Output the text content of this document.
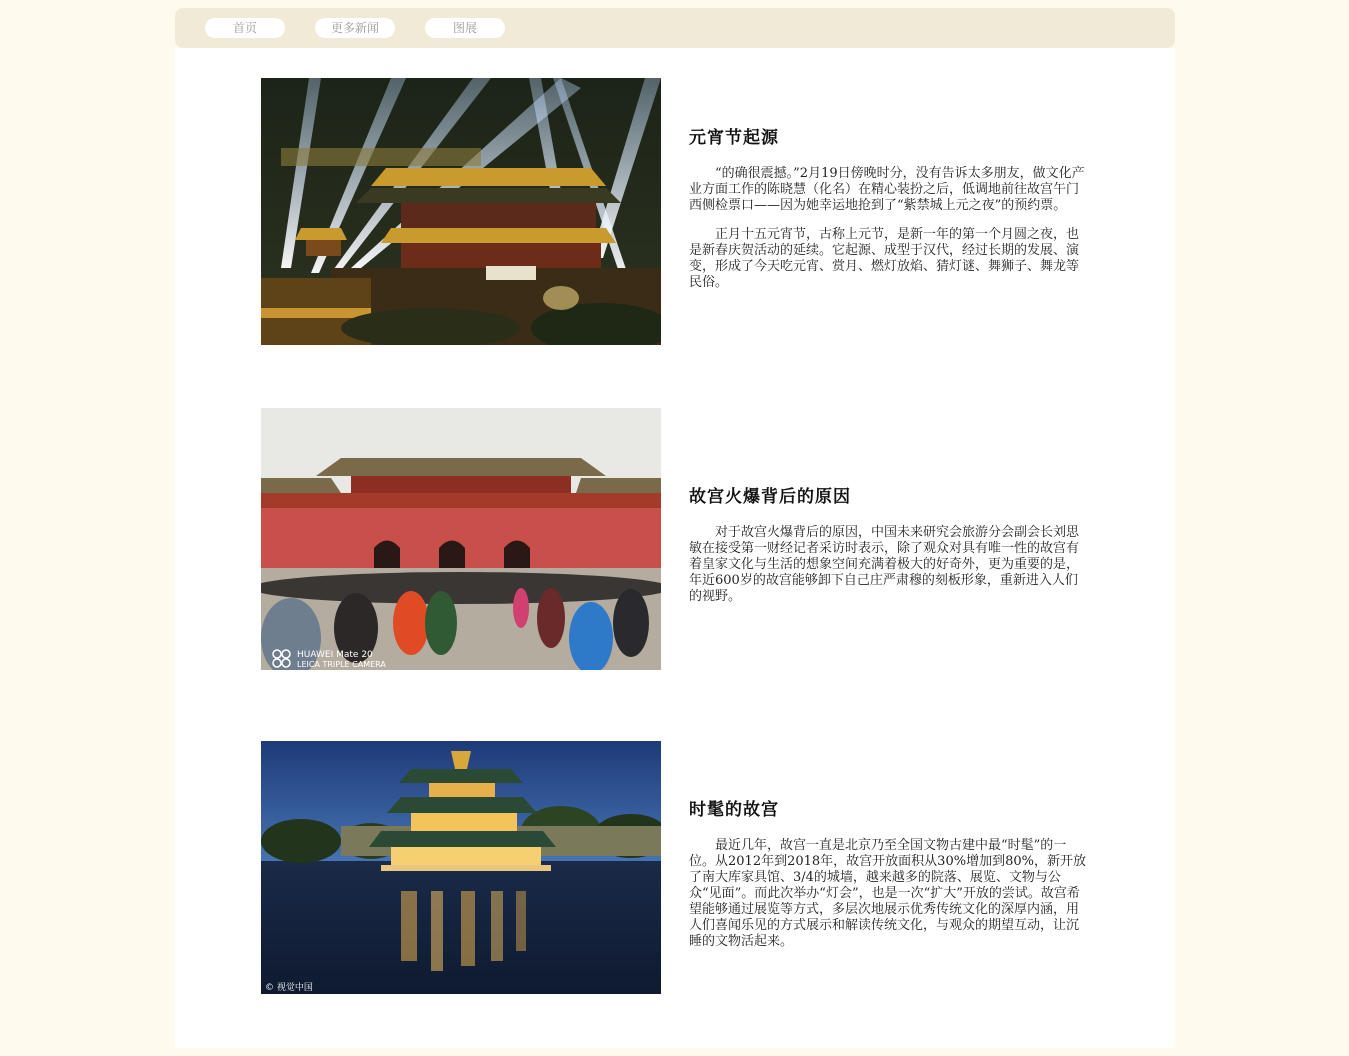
首页	更多新闻	图展
元宵节起源

“的确很震撼。”2月19日傍晚时分，没有告诉太多朋友，做文化产业方面工作的陈晓慧（化名）在精心装扮之后，低调地前往故宫午门西侧检票口——因为她幸运地抢到了“紫禁城上元之夜”的预约票。

正月十五元宵节，古称上元节，是新一年的第一个月圆之夜，也是新春庆贺活动的延续。它起源、成型于汉代，经过长期的发展、演变，形成了今天吃元宵、赏月、燃灯放焰、猜灯谜、舞狮子、舞龙等民俗。

HUAWEI Mate 20
LEICA TRIPLE CAMERA
故宫火爆背后的原因

对于故宫火爆背后的原因，中国未来研究会旅游分会副会长刘思敏在接受第一财经记者采访时表示，除了观众对具有唯一性的故宫有着皇家文化与生活的想象空间充满着极大的好奇外，更为重要的是，年近600岁的故宫能够卸下自己庄严肃穆的刻板形象，重新进入人们的视野。

© 视觉中国
时髦的故宫

最近几年，故宫一直是北京乃至全国文物古建中最“时髦”的一位。从2012年到2018年，故宫开放面积从30%增加到80%，新开放了南大库家具馆、3/4的城墙，越来越多的院落、展览、文物与公众“见面”。而此次举办“灯会”，也是一次“扩大”开放的尝试。故宫希望能够通过展览等方式，多层次地展示优秀传统文化的深厚内涵，用人们喜闻乐见的方式展示和解读传统文化，与观众的期望互动，让沉睡的文物活起来。
